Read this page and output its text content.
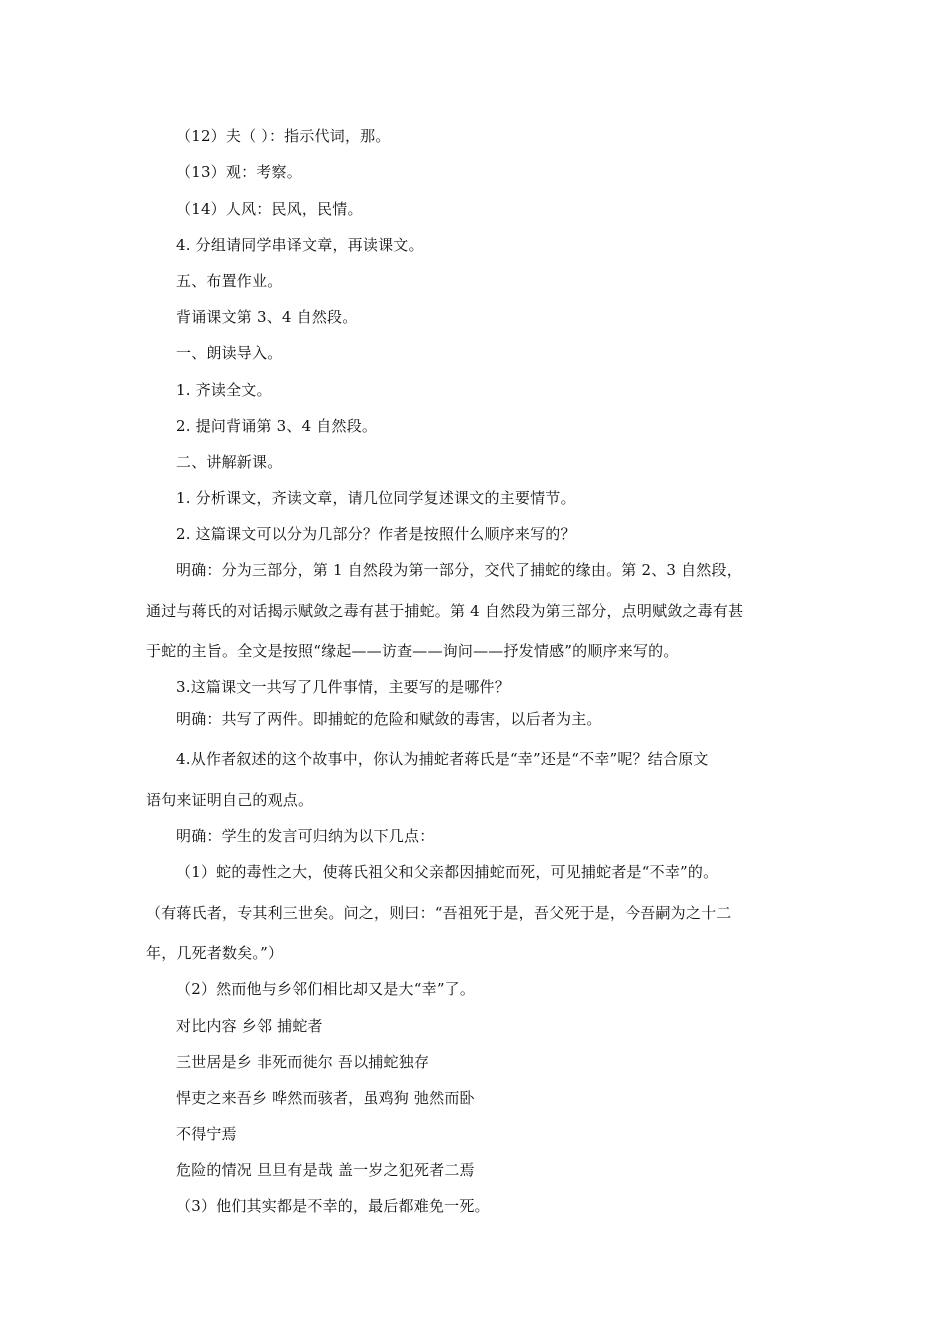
（12）夫（ ）：指示代词，那。

（13）观：考察。

（14）人风：民风，民情。

4. 分组请同学串译文章，再读课文。

五、布置作业。

背诵课文第 3、4 自然段。

一、朗读导入。

1. 齐读全文。

2. 提问背诵第 3、4 自然段。

二、讲解新课。

1. 分析课文，齐读文章，请几位同学复述课文的主要情节。

2. 这篇课文可以分为几部分？作者是按照什么顺序来写的？

明确：分为三部分，第 1 自然段为第一部分，交代了捕蛇的缘由。第 2、3 自然段，

通过与蒋氏的对话揭示赋敛之毒有甚于捕蛇。第 4 自然段为第三部分，点明赋敛之毒有甚

于蛇的主旨。全文是按照“缘起——访查——询问——抒发情感”的顺序来写的。

3.这篇课文一共写了几件事情，主要写的是哪件？

明确：共写了两件。即捕蛇的危险和赋敛的毒害，以后者为主。

4.从作者叙述的这个故事中，你认为捕蛇者蒋氏是“幸”还是“不幸”呢？结合原文

语句来证明自己的观点。

明确：学生的发言可归纳为以下几点：

（1）蛇的毒性之大，使蒋氏祖父和父亲都因捕蛇而死，可见捕蛇者是“不幸”的。

（有蒋氏者，专其利三世矣。问之，则曰：“吾祖死于是，吾父死于是，今吾嗣为之十二

年，几死者数矣。”）

（2）然而他与乡邻们相比却又是大“幸”了。

对比内容 乡邻 捕蛇者

三世居是乡 非死而徙尔 吾以捕蛇独存

悍吏之来吾乡 哗然而骇者，虽鸡狗 弛然而卧

不得宁焉

危险的情况 旦旦有是哉 盖一岁之犯死者二焉

（3）他们其实都是不幸的，最后都难免一死。
